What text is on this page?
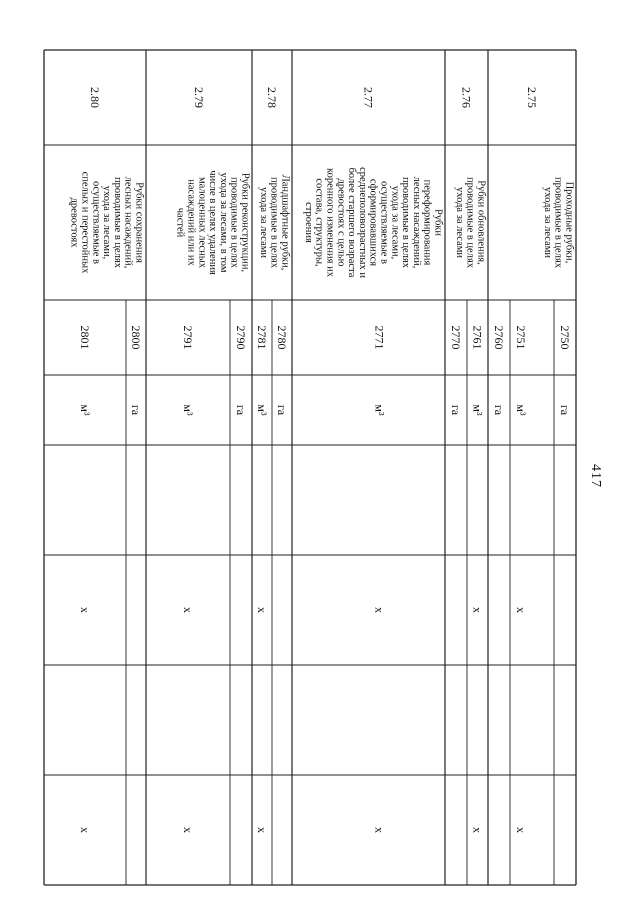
417
2.75
Проходные рубки,
проводимые в целях
ухода за лесами
2750
га
2751
м³
x
x
2.76
Рубки обновления,
проводимые в целях
ухода за лесами
2760
га
2761
м³
x
x
2.77
Рубки
переформирования
лесных насаждений,
проводимые в целях
ухода за лесами,
осуществляемые в
сформировавшихся
среднеполовозрастных и
более старшего возраста
древостоях с целью
коренного изменения их
состава, структуры,
строения
2770
га
2771
м³
x
x
2.78
Ландшафтные рубки,
проводимые в целях
ухода за лесами
2780
га
2781
м³
x
x
2.79
Рубки реконструкции,
проводимые в целях
ухода за лесами, в том
числе в целях удаления
малоценных лесных
насаждений или их
частей
2790
га
2791
м³
x
x
2.80
Рубки сохранения
лесных насаждений,
проводимые в целях
ухода за лесами,
осуществляемые в
спелых и перестойных
древостоях
2800
га
2801
м³
x
x
